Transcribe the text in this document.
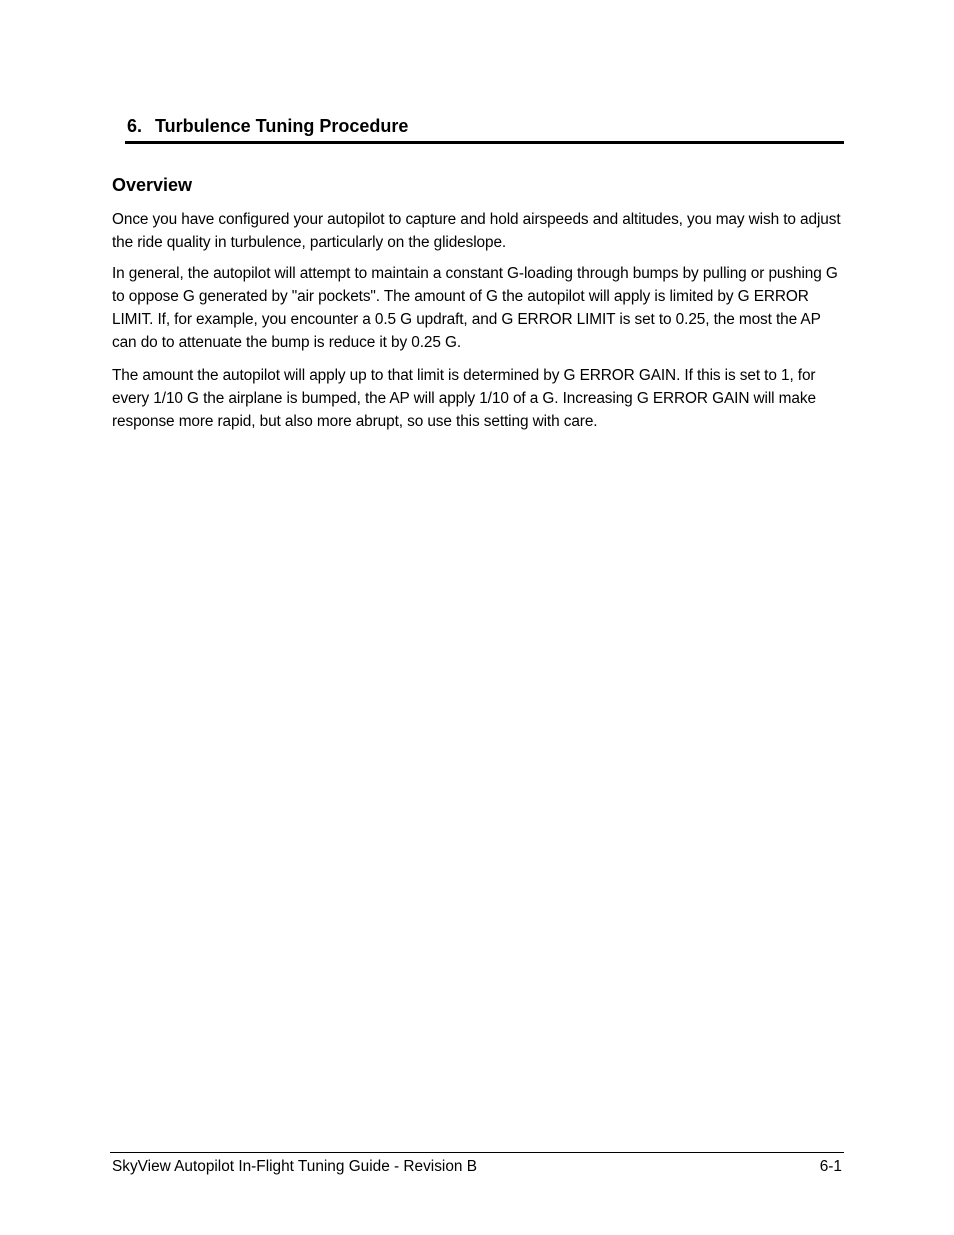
6. Turbulence Tuning Procedure
Overview

Once you have configured your autopilot to capture and hold airspeeds and altitudes, you may wish to adjust the ride quality in turbulence, particularly on the glideslope.

In general, the autopilot will attempt to maintain a constant G-loading through bumps by pulling or pushing G to oppose G generated by "air pockets". The amount of G the autopilot will apply is limited by G ERROR LIMIT. If, for example, you encounter a 0.5 G updraft, and G ERROR LIMIT is set to 0.25, the most the AP can do to attenuate the bump is reduce it by 0.25 G.

The amount the autopilot will apply up to that limit is determined by G ERROR GAIN. If this is set to 1, for every 1/10 G the airplane is bumped, the AP will apply 1/10 of a G. Increasing G ERROR GAIN will make response more rapid, but also more abrupt, so use this setting with care.

SkyView Autopilot In-Flight Tuning Guide - Revision B	6-1
